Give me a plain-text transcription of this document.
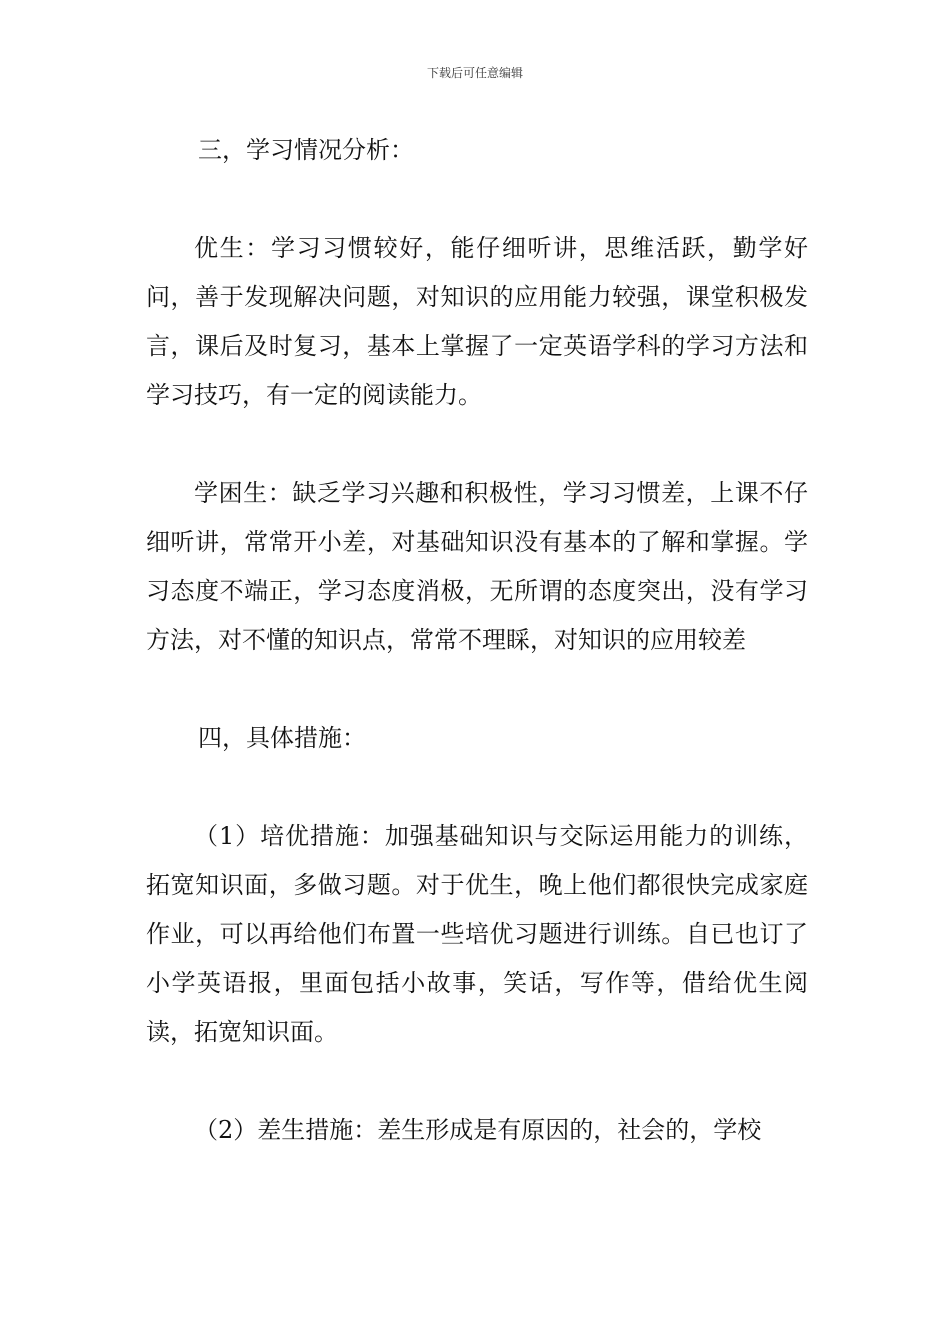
下载后可任意编辑

三，学习情况分析：

优生：学习习惯较好，能仔细听讲，思维活跃，勤学好问，善于发现解决问题，对知识的应用能力较强，课堂积极发言，课后及时复习，基本上掌握了一定英语学科的学习方法和学习技巧，有一定的阅读能力。

学困生：缺乏学习兴趣和积极性，学习习惯差，上课不仔细听讲，常常开小差，对基础知识没有基本的了解和掌握。学习态度不端正，学习态度消极，无所谓的态度突出，没有学习方法，对不懂的知识点，常常不理睬，对知识的应用较差

四，具体措施：

（1）培优措施：加强基础知识与交际运用能力的训练，拓宽知识面，多做习题。对于优生，晚上他们都很快完成家庭作业，可以再给他们布置一些培优习题进行训练。自已也订了小学英语报，里面包括小故事，笑话，写作等，借给优生阅读，拓宽知识面。

（2）差生措施：差生形成是有原因的，社会的，学校
